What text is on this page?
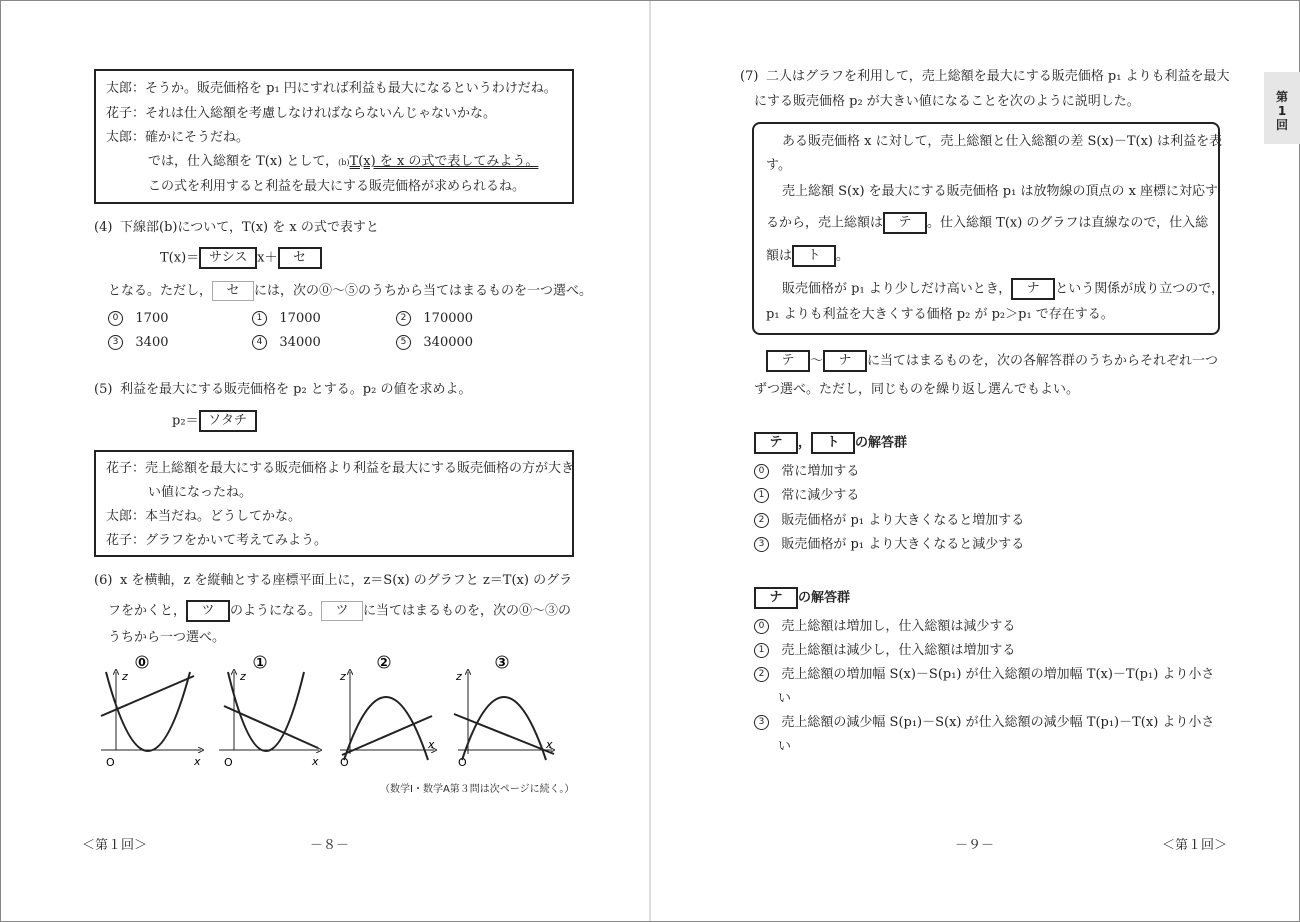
太郎：そうか。販売価格を p₁ 円にすれば利益も最大になるというわけだね。
花子：それは仕入総額を考慮しなければならないんじゃないかな。
太郎：確かにそうだね。
では，仕入総額を T(x) として，(b)T(x) を x の式で表してみよう。
この式を利用すると利益を最大にする販売価格が求められるね。
(4) 下線部(b)について，T(x) を x の式で表すと
T(x)＝ サシス x＋ セ
となる。ただし， セ には，次の⓪〜⑤のうちから当てはまるものを一つ選べ。
0 1700	1 17000	2 170000
3 3400	4 34000	5 340000
(5) 利益を最大にする販売価格を p₂ とする。p₂ の値を求めよ。
p₂＝ ソタチ
花子：売上総額を最大にする販売価格より利益を最大にする販売価格の方が大き
い値になったね。
太郎：本当だね。どうしてかな。
花子：グラフをかいて考えてみよう。
(6) x を横軸，z を縦軸とする座標平面上に，z＝S(x) のグラフと z＝T(x) のグラ
フをかくと， ツ のようになる。 ツ に当てはまるものを，次の⓪〜③の
うちから一つ選べ。
0
z
x
O
1
z
x
O
2
z
x
O
3
z
x
O
（数学Ⅰ・数学A第３問は次ページに続く。）
＜第１回＞	－８－
第
1
回
(7) 二人はグラフを利用して，売上総額を最大にする販売価格 p₁ よりも利益を最大
にする販売価格 p₂ が大きい値になることを次のように説明した。
ある販売価格 x に対して，売上総額と仕入総額の差 S(x)－T(x) は利益を表
す。
売上総額 S(x) を最大にする販売価格 p₁ は放物線の頂点の x 座標に対応す
るから，売上総額は テ 。仕入総額 T(x) のグラフは直線なので，仕入総
額は ト 。
販売価格が p₁ より少しだけ高いとき， ナ という関係が成り立つので，
p₁ よりも利益を大きくする価格 p₂ が p₂＞p₁ で存在する。
テ ～ ナ に当てはまるものを，次の各解答群のうちからそれぞれ一つ
ずつ選べ。ただし，同じものを繰り返し選んでもよい。
テ ， ト の解答群
0 常に増加する
1 常に減少する
2 販売価格が p₁ より大きくなると増加する
3 販売価格が p₁ より大きくなると減少する
ナ の解答群
0 売上総額は増加し，仕入総額は減少する
1 売上総額は減少し，仕入総額は増加する
2 売上総額の増加幅 S(x)－S(p₁) が仕入総額の増加幅 T(x)－T(p₁) より小さ
い
3 売上総額の減少幅 S(p₁)－S(x) が仕入総額の減少幅 T(p₁)－T(x) より小さ
い
－９－	＜第１回＞
